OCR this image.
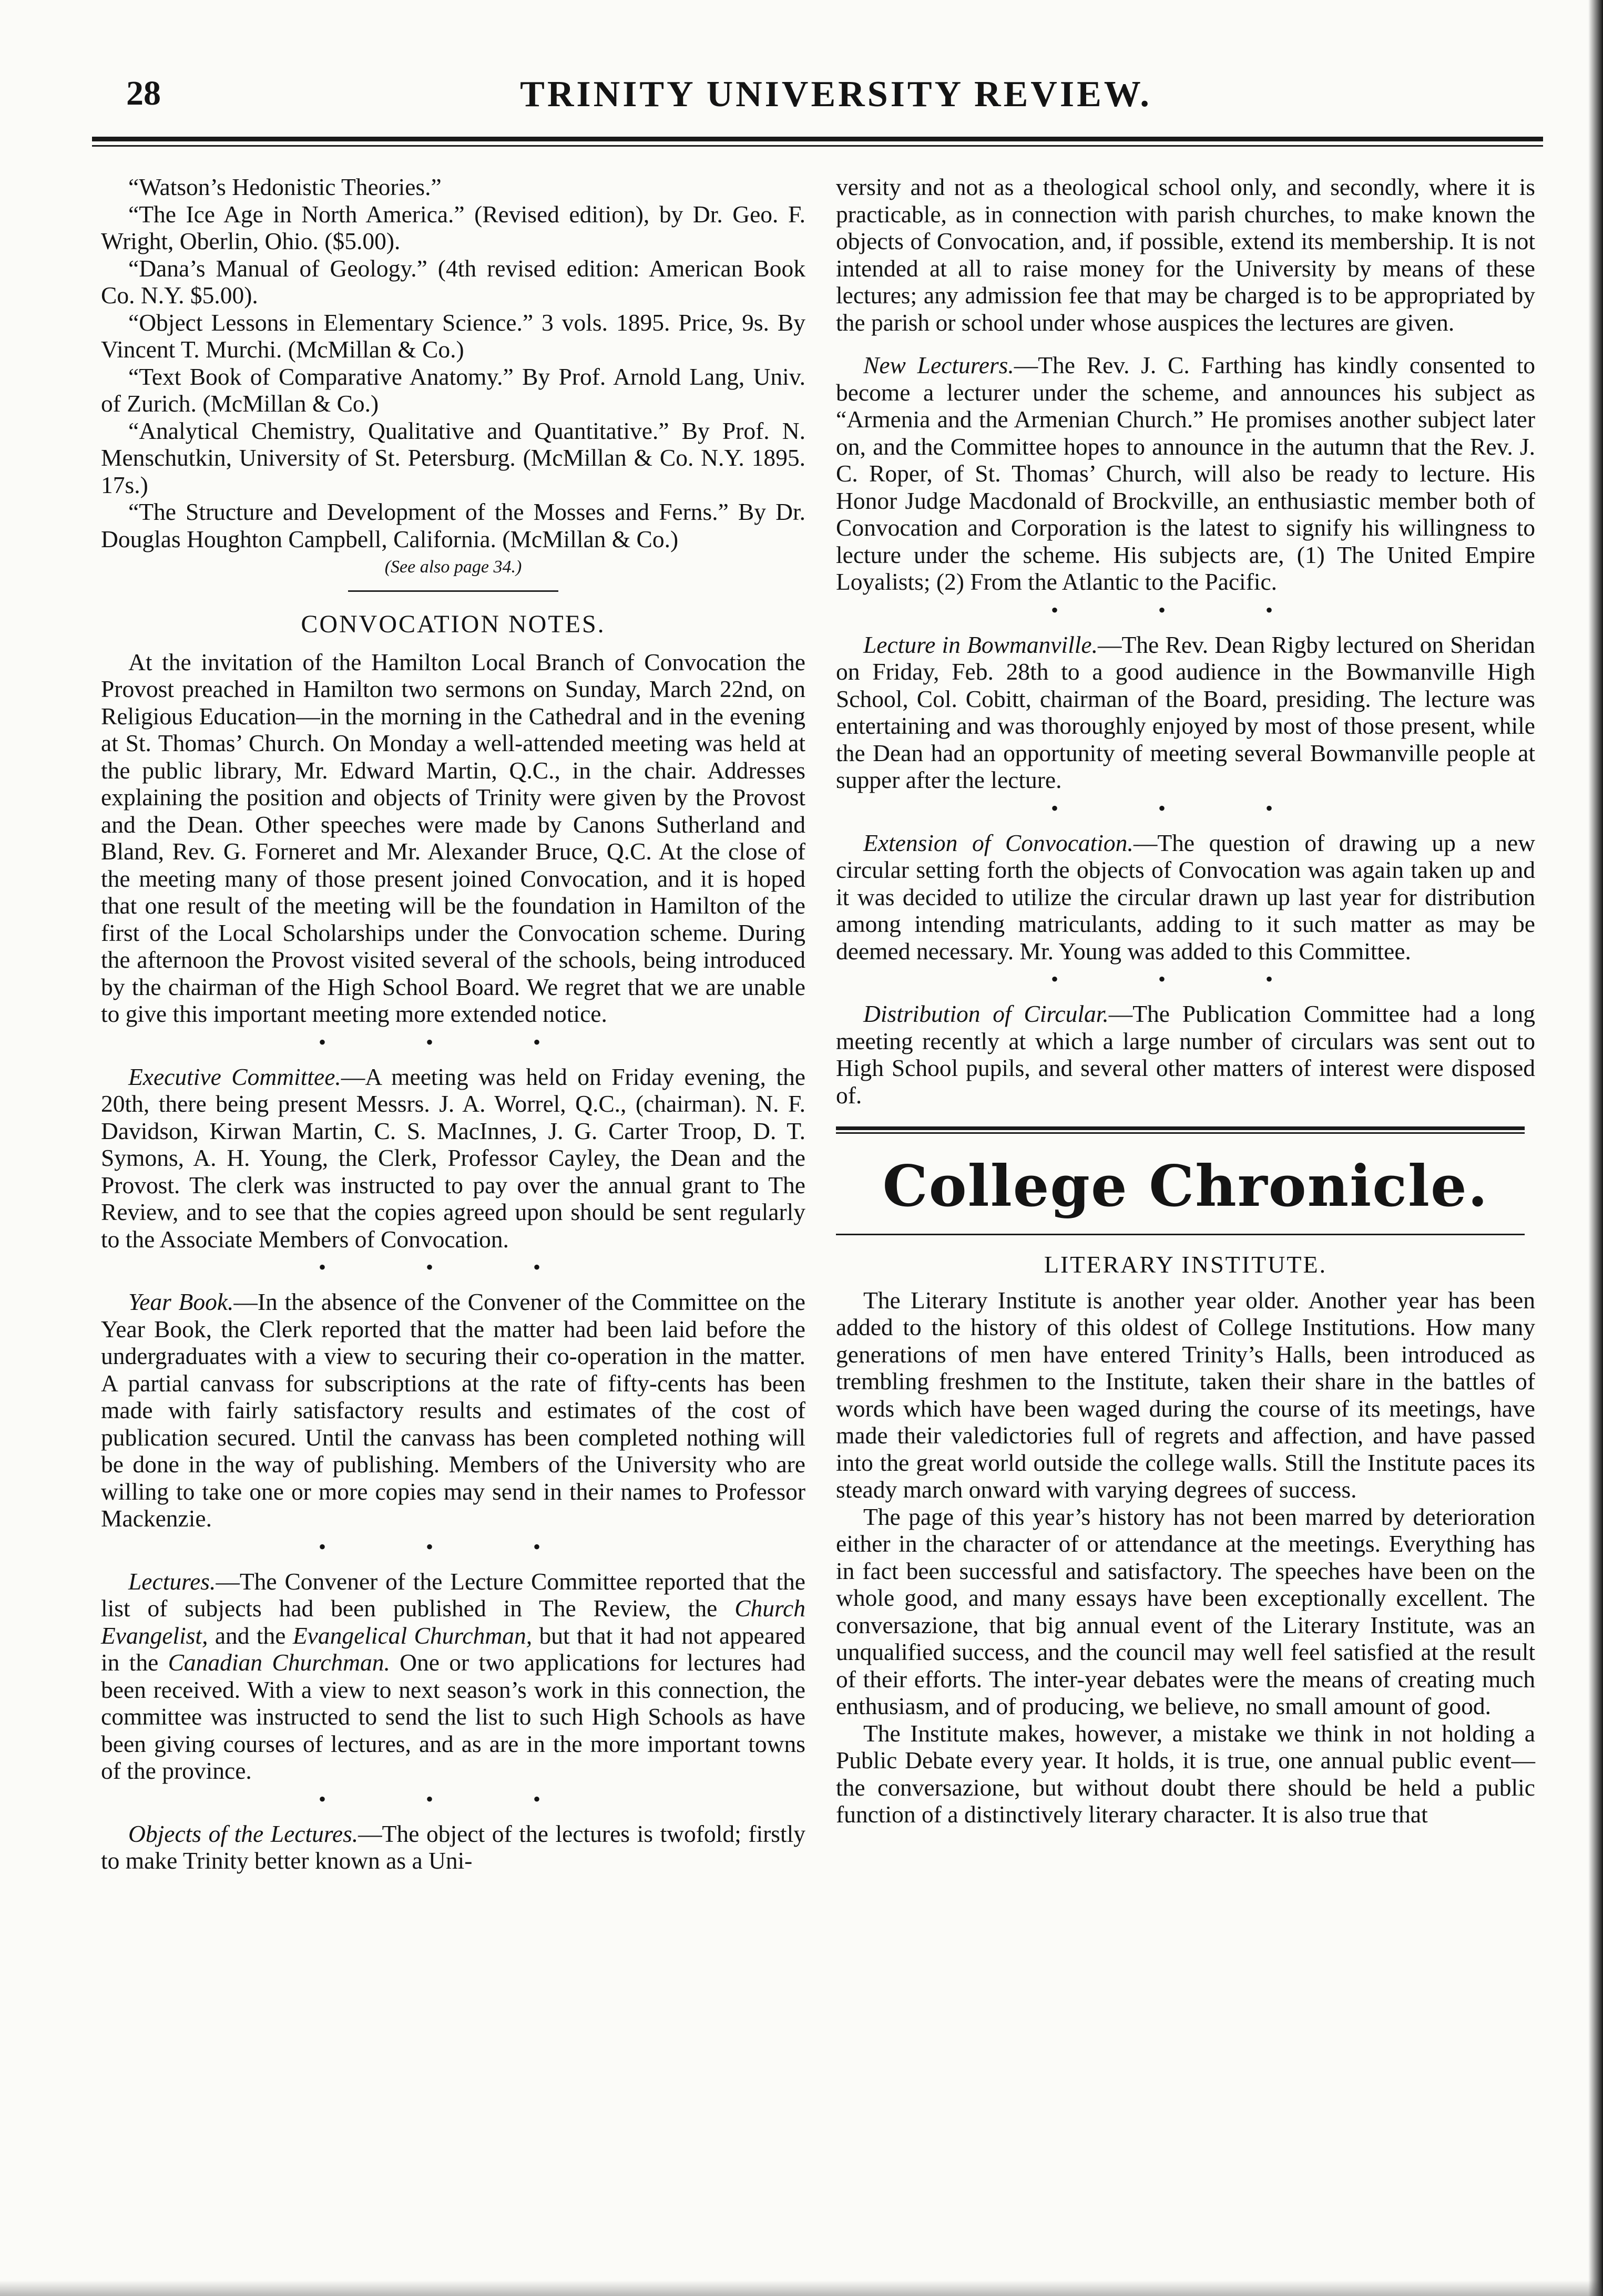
28	TRINITY UNIVERSITY REVIEW.

“Watson’s Hedonistic Theories.”

“The Ice Age in North America.” (Revised edition), by Dr. Geo. F. Wright, Oberlin, Ohio. ($5.00).

“Dana’s Manual of Geology.” (4th revised edition: American Book Co. N.Y. $5.00).

“Object Lessons in Elementary Science.” 3 vols. 1895. Price, 9s. By Vincent T. Murchi. (McMillan & Co.)

“Text Book of Comparative Anatomy.” By Prof. Arnold Lang, Univ. of Zurich. (McMillan & Co.)

“Analytical Chemistry, Qualitative and Quantitative.” By Prof. N. Menschutkin, University of St. Petersburg. (McMillan & Co. N.Y. 1895. 17s.)

“The Structure and Development of the Mosses and Ferns.” By Dr. Douglas Houghton Campbell, California. (McMillan & Co.)

(See also page 34.)

CONVOCATION NOTES.

At the invitation of the Hamilton Local Branch of Convocation the Provost preached in Hamilton two sermons on Sunday, March 22nd, on Religious Education—in the morning in the Cathedral and in the evening at St. Thomas’ Church. On Monday a well-attended meeting was held at the public library, Mr. Edward Martin, Q.C., in the chair. Addresses explaining the position and objects of Trinity were given by the Provost and the Dean. Other speeches were made by Canons Sutherland and Bland, Rev. G. Forneret and Mr. Alexander Bruce, Q.C. At the close of the meeting many of those present joined Convocation, and it is hoped that one result of the meeting will be the foundation in Hamilton of the first of the Local Scholarships under the Convocation scheme. During the afternoon the Provost visited several of the schools, being introduced by the chairman of the High School Board. We regret that we are unable to give this important meeting more extended notice.

• • •

Executive Committee.—A meeting was held on Friday evening, the 20th, there being present Messrs. J. A. Worrel, Q.C., (chairman). N. F. Davidson, Kirwan Martin, C. S. MacInnes, J. G. Carter Troop, D. T. Symons, A. H. Young, the Clerk, Professor Cayley, the Dean and the Provost. The clerk was instructed to pay over the annual grant to The Review, and to see that the copies agreed upon should be sent regularly to the Associate Members of Convocation.

• • •

Year Book.—In the absence of the Convener of the Committee on the Year Book, the Clerk reported that the matter had been laid before the undergraduates with a view to securing their co-operation in the matter. A partial canvass for subscriptions at the rate of fifty-cents has been made with fairly satisfactory results and estimates of the cost of publication secured. Until the canvass has been completed nothing will be done in the way of publishing. Members of the University who are willing to take one or more copies may send in their names to Professor Mackenzie.

• • •

Lectures.—The Convener of the Lecture Committee reported that the list of subjects had been published in The Review, the Church Evangelist, and the Evangelical Churchman, but that it had not appeared in the Canadian Churchman. One or two applications for lectures had been received. With a view to next season’s work in this connection, the committee was instructed to send the list to such High Schools as have been giving courses of lectures, and as are in the more important towns of the province.

• • •

Objects of the Lectures.—The object of the lectures is twofold; firstly to make Trinity better known as a Uni-

versity and not as a theological school only, and secondly, where it is practicable, as in connection with parish churches, to make known the objects of Convocation, and, if possible, extend its membership. It is not intended at all to raise money for the University by means of these lectures; any admission fee that may be charged is to be appropriated by the parish or school under whose auspices the lectures are given.

New Lecturers.—The Rev. J. C. Farthing has kindly consented to become a lecturer under the scheme, and announces his subject as “Armenia and the Armenian Church.” He promises another subject later on, and the Committee hopes to announce in the autumn that the Rev. J. C. Roper, of St. Thomas’ Church, will also be ready to lecture. His Honor Judge Macdonald of Brockville, an enthusiastic member both of Convocation and Corporation is the latest to signify his willingness to lecture under the scheme. His subjects are, (1) The United Empire Loyalists; (2) From the Atlantic to the Pacific.

• • •

Lecture in Bowmanville.—The Rev. Dean Rigby lectured on Sheridan on Friday, Feb. 28th to a good audience in the Bowmanville High School, Col. Cobitt, chairman of the Board, presiding. The lecture was entertaining and was thoroughly enjoyed by most of those present, while the Dean had an opportunity of meeting several Bowmanville people at supper after the lecture.

• • •

Extension of Convocation.—The question of drawing up a new circular setting forth the objects of Convocation was again taken up and it was decided to utilize the circular drawn up last year for distribution among intending matriculants, adding to it such matter as may be deemed necessary. Mr. Young was added to this Committee.

• • •

Distribution of Circular.—The Publication Committee had a long meeting recently at which a large number of circulars was sent out to High School pupils, and several other matters of interest were disposed of.

College Chronicle.
LITERARY INSTITUTE.

The Literary Institute is another year older. Another year has been added to the history of this oldest of College Institutions. How many generations of men have entered Trinity’s Halls, been introduced as trembling freshmen to the Institute, taken their share in the battles of words which have been waged during the course of its meetings, have made their valedictories full of regrets and affection, and have passed into the great world outside the college walls. Still the Institute paces its steady march onward with varying degrees of success.

The page of this year’s history has not been marred by deterioration either in the character of or attendance at the meetings. Everything has in fact been successful and satisfactory. The speeches have been on the whole good, and many essays have been exceptionally excellent. The conversazione, that big annual event of the Literary Institute, was an unqualified success, and the council may well feel satisfied at the result of their efforts. The inter-year debates were the means of creating much enthusiasm, and of producing, we believe, no small amount of good.

The Institute makes, however, a mistake we think in not holding a Public Debate every year. It holds, it is true, one annual public event—the conversazione, but without doubt there should be held a public function of a distinctively literary character. It is also true that
